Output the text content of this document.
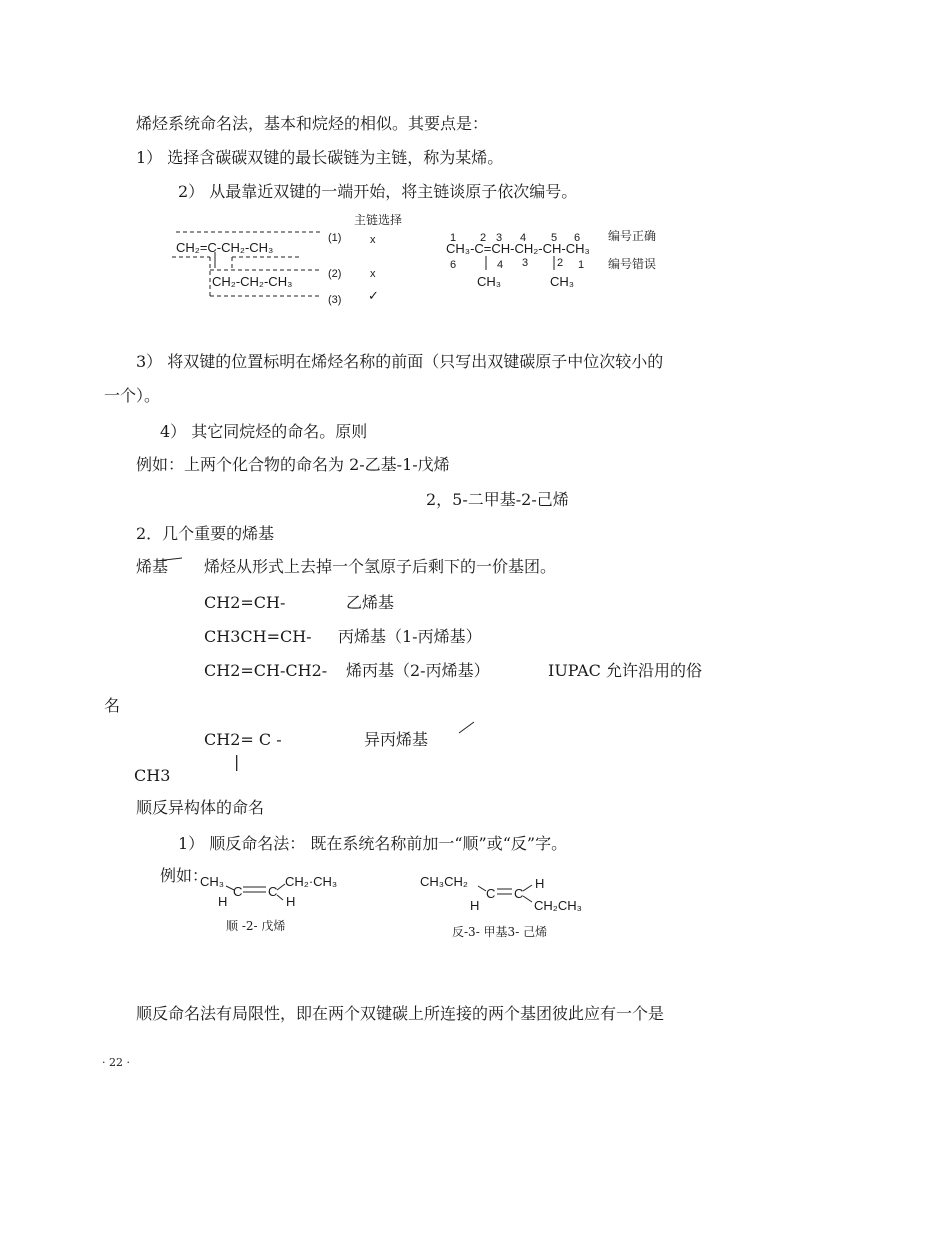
烯烃系统命名法，基本和烷烃的相似。其要点是：
1） 选择含碳碳双键的最长碳链为主链，称为某烯。
2） 从最靠近双键的一端开始，将主链谈原子依次编号。
主链选择
CH₂=C-CH₂-CH₃
CH₂-CH₂-CH₃
(1)	x
(2)	x
(3) ✓
1 2 3 4 5 6
CH₃-C=CH-CH₂-CH-CH₃
6	4 3	2 1
CH₃	CH₃
编号正确
编号错误
3） 将双键的位置标明在烯烃名称的前面（只写出双键碳原子中位次较小的
一个）。
4） 其它同烷烃的命名。原则
例如：上两个化合物的命名为 2-乙基-1-戊烯
2，5-二甲基-2-己烯
2．几个重要的烯基
烯基 烯烃从形式上去掉一个氢原子后剩下的一价基团。
CH2=CH-	乙烯基
CH3CH=CH- 丙烯基（1-丙烯基）
CH2=CH-CH2- 烯丙基（2-丙烯基）	IUPAC 允许沿用的俗
名
CH2= C -
|
异丙烯基
CH3
顺反异构体的命名
1） 顺反命名法： 既在系统名称前加一“顺”或“反”字。
例如：
CH₃	CH₂·CH₃
H	H
C C
顺 -2- 戊烯
CH₃CH₂	H
H	CH₂CH₃
C C
反-3- 甲基3- 己烯
顺反命名法有局限性，即在两个双键碳上所连接的两个基团彼此应有一个是
· 22 ·
